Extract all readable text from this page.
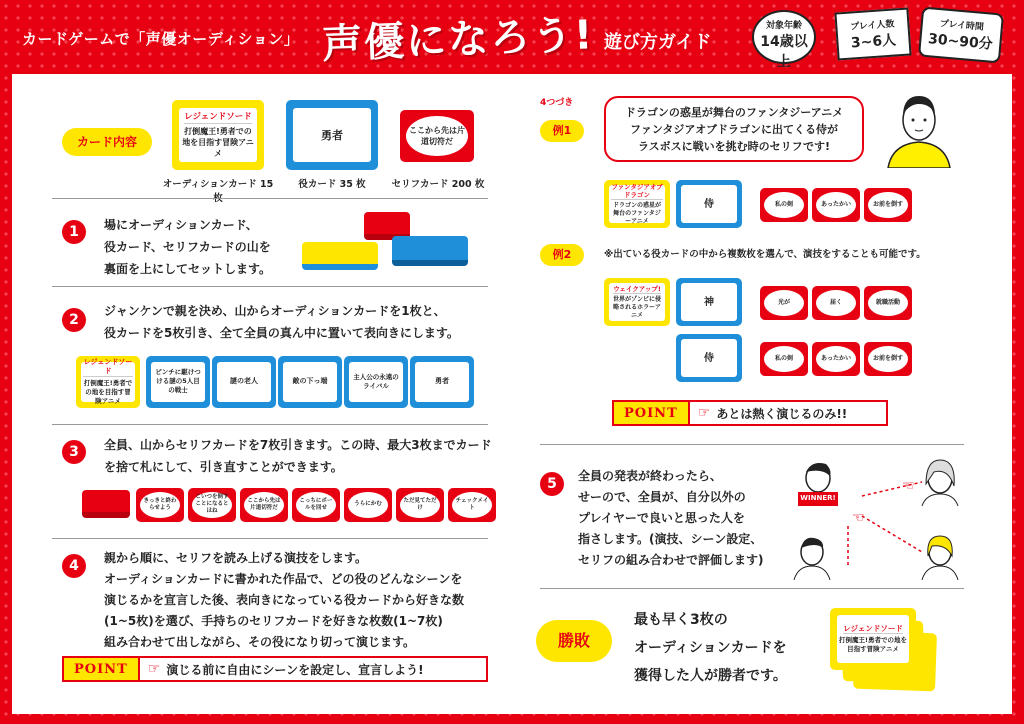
カードゲームで「声優オーディション」 声優になろう! 遊び方ガイド
対象年齢
14歳以上
プレイ人数
3~6人
プレイ時間
30~90分
カード内容
レジェンドソード
打倒魔王!勇者での地を目指す冒険アニメ
勇者	ここから先は片道切符だ
オーディションカード 15	役カード 35 枚	セリフカード 200 枚
1	場にオーディションカード、
役カード、セリフカードの山を
裏面を上にしてセットします。
2
ジャンケンで親を決め、山からオーディションカードを1枚と、
役カードを5枚引き、全て全員の真ん中に置いて表向きにします。
レジェンドソード
打倒魔王!勇者での地を目指す冒険アニメ
ピンチに駆けつける謎の5人目の戦士
謎の老人	敵の下っ端
主人公の永遠のライバル
勇者
3	全員、山からセリフカードを7枚引きます。この時、最大3枚までカード
を捨て札にして、引き直すことができます。
きっきと終わらせよう
こいつを倒すことになるとはね
ここから先は片道切符だ
こっちにボールを回せ
うらにかむ
ただ見てただけ
チェックメイト
4	親から順に、セリフを読み上げる演技をします。
オーディションカードに書かれた作品で、どの役のどんなシーンを
演じるかを宣言した後、表向きになっている役カードから好きな数
(1~5枚)を選び、手持ちのセリフカードを好きな枚数(1~7枚)
組み合わせて出しながら、その役になり切って演じます。
POINT	☞ 演じる前に自由にシーンを設定し、宣言しよう!
4つづき
例1
ドラゴンの惑星が舞台のファンタジーアニメ
ファンタジアオブドラゴンに出てくる侍が
ラスボスに戦いを挑む時のセリフです!
ファンタジアオブドラゴン
ドラゴンの惑星が舞台のファンタジーアニメ
侍	私の剣	あったかい	お前を倒す
例2	※出ている役カードの中から複数枚を選んで、演技をすることも可能です。
ウェイクアップ!
世界がゾンビに侵略されるホラーアニメ
神
侍
光が	届く	就職活動
私の剣	あったかい	お前を倒す
POINT	☞ あとは熱く演じるのみ!!
5	全員の発表が終わったら、
せーので、全員が、自分以外の
プレイヤーで良いと思った人を
指さします。(演技、シーン設定、
セリフの組み合わせで評価します)
☜
☜
WINNER!
勝敗
最も早く3枚の
オーディションカードを
獲得した人が勝者です。
レジェンドソード
打倒魔王!勇者での地を目指す冒険アニメ
